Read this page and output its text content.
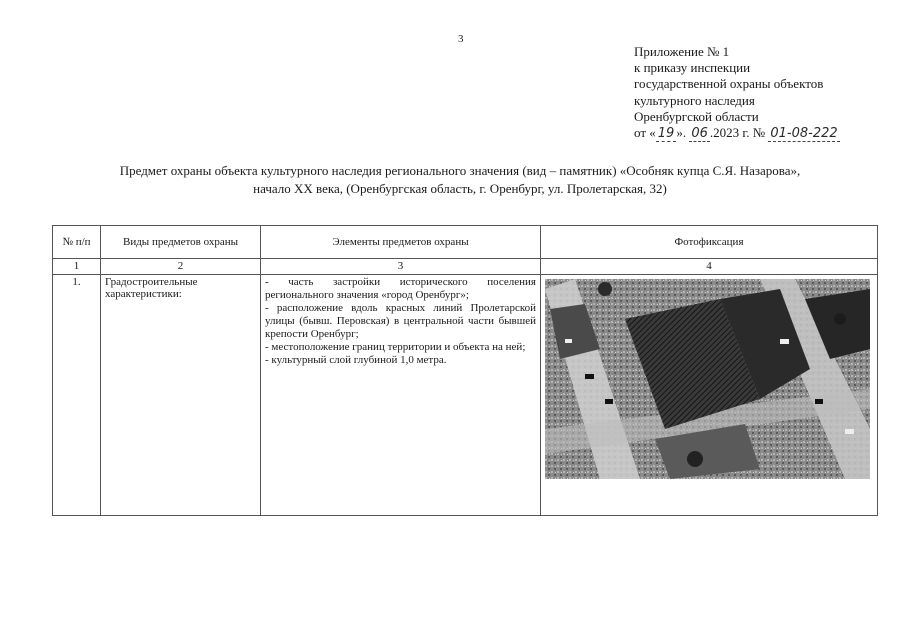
3
Приложение № 1
к приказу инспекции
государственной охраны объектов
культурного наследия
Оренбургской области
от « 19 ». 06 .2023 г. № 01-08-222
Предмет охраны объекта культурного наследия регионального значения (вид – памятник) «Особняк купца С.Я. Назарова»,
начало XX века, (Оренбургская область, г. Оренбург, ул. Пролетарская, 32)
№ п/п	Виды предметов охраны	Элементы предметов охраны	Фотофиксация
1	2	3	4
1.	Градостроительные характеристики:	- часть застройки исторического поселения регионального значения «город Оренбург»;
- расположение вдоль красных линий Пролетарской улицы (бывш. Перовская) в центральной части бывшей крепости Оренбург;
- местоположение границ территории и объекта на ней;
- культурный слой глубиной 1,0 метра.
